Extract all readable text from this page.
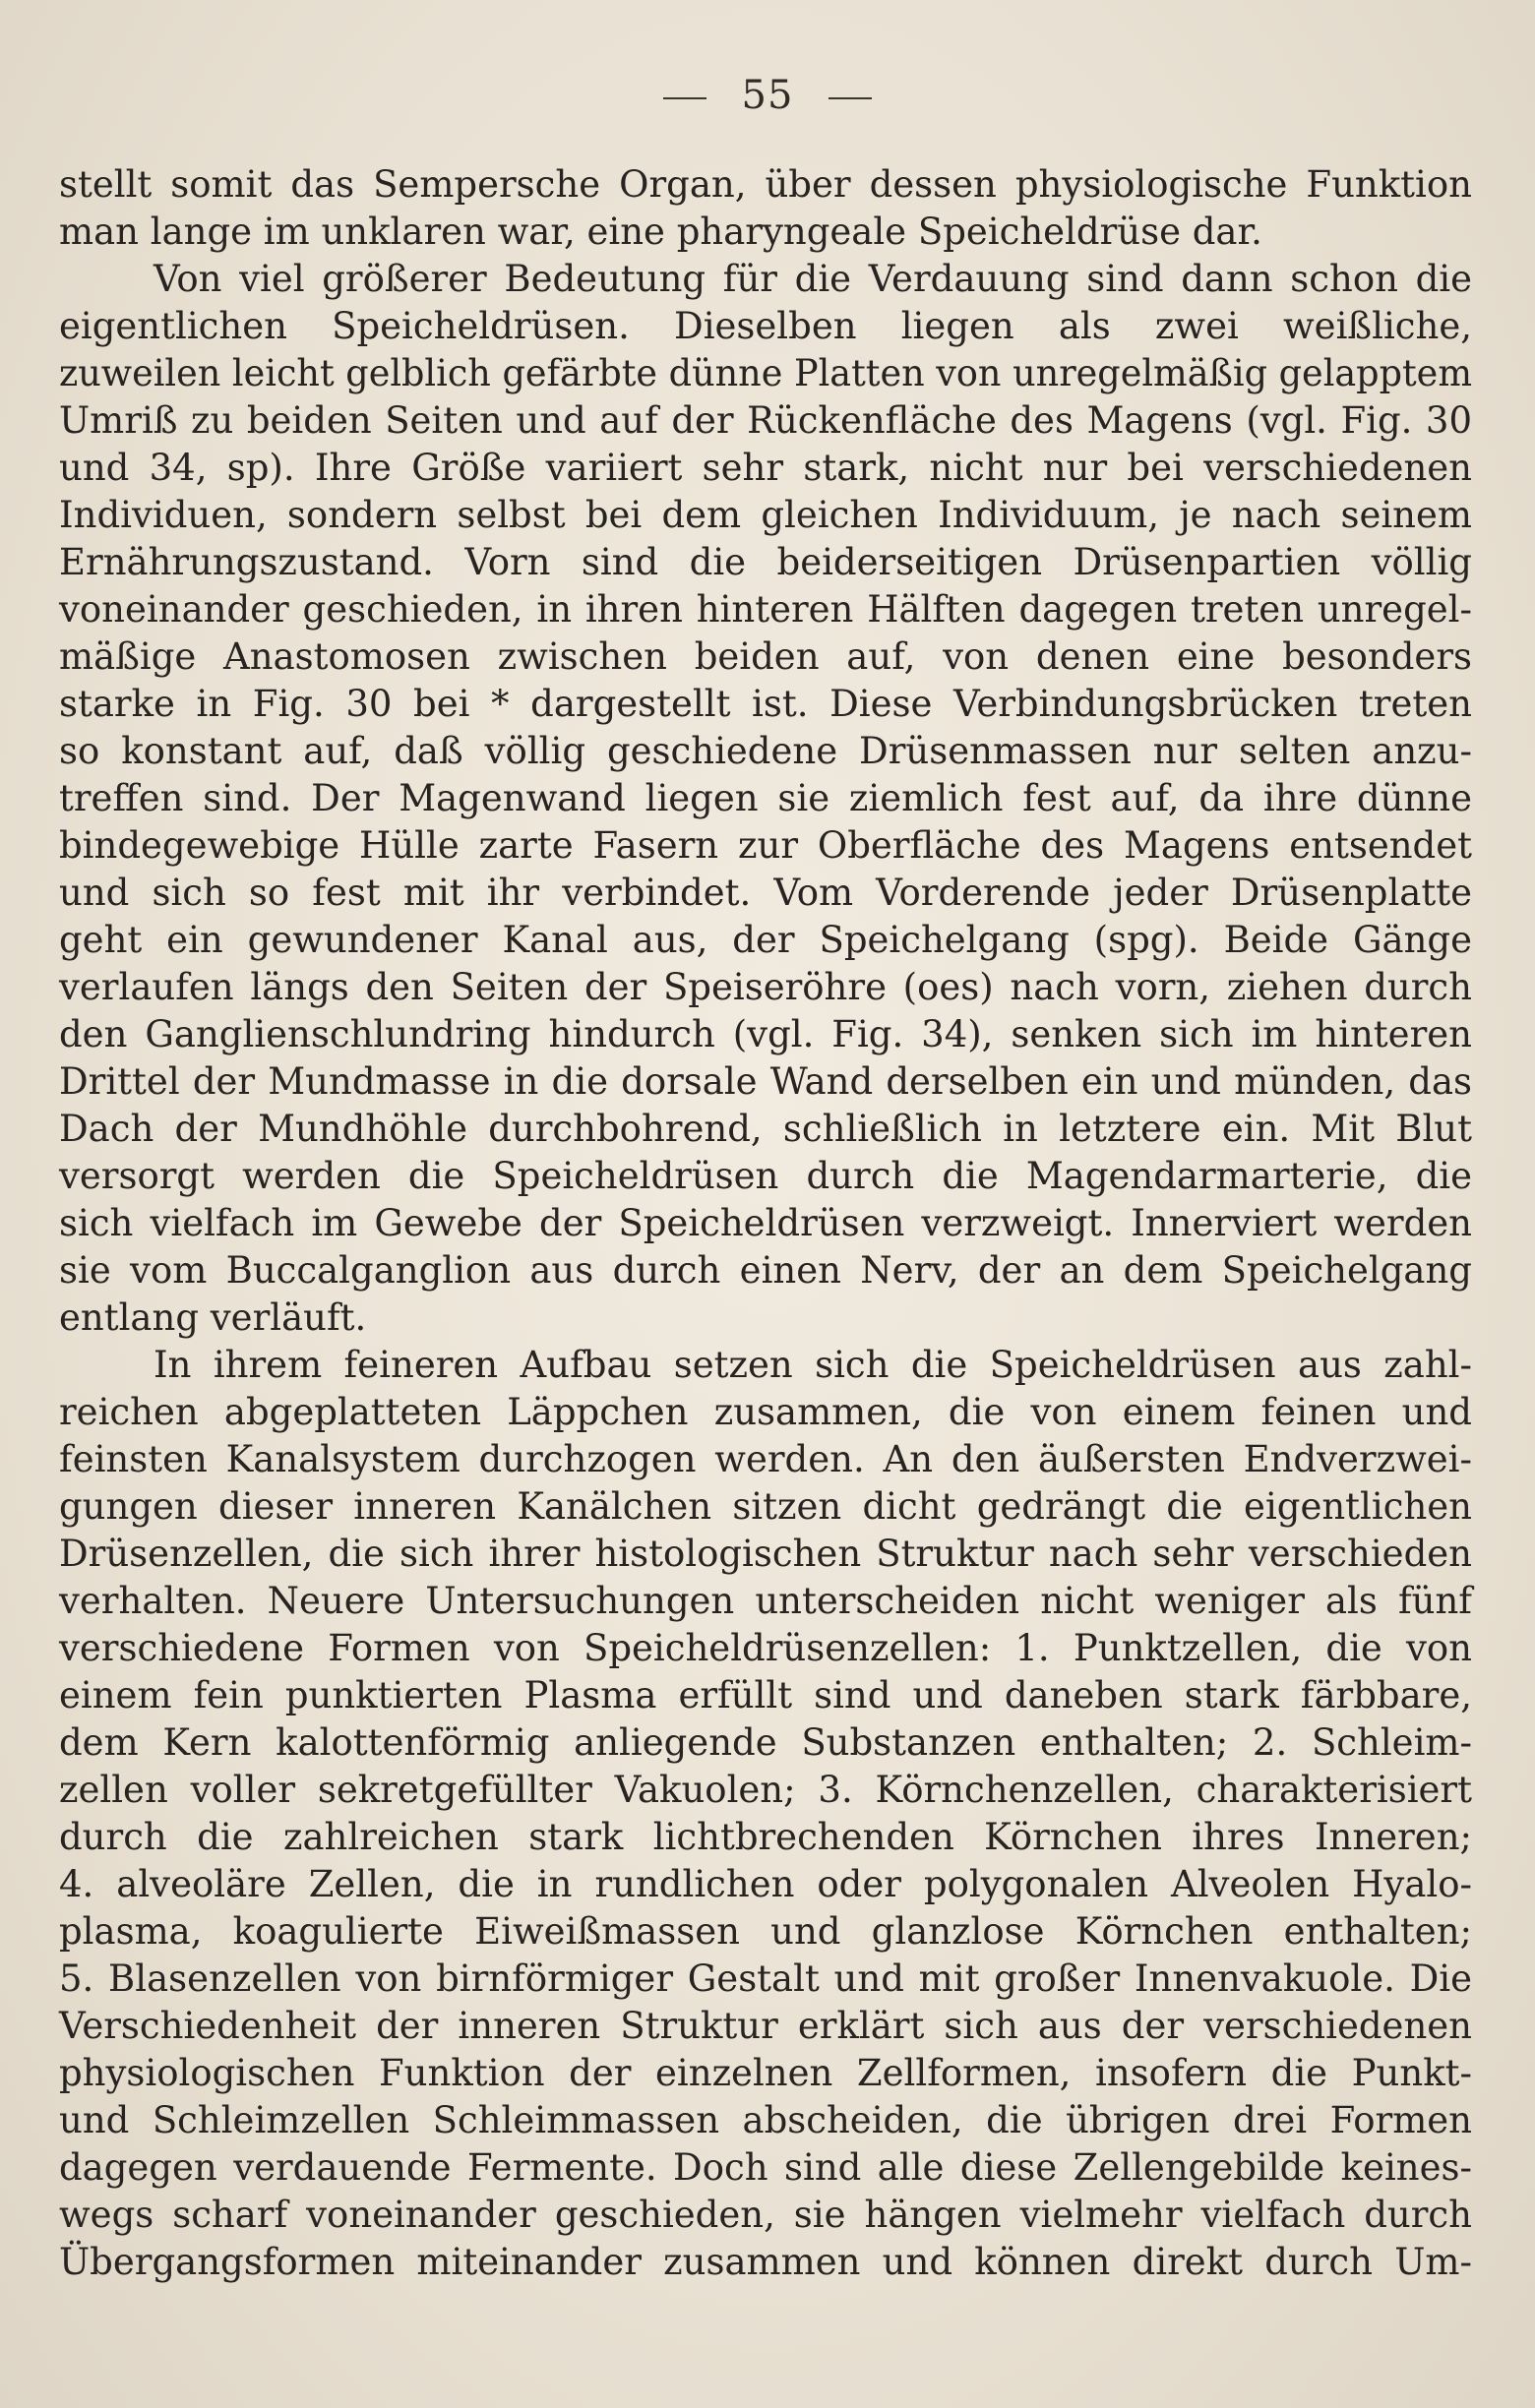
55
stellt somit das Sempersche Organ, über dessen physiologische Funktion
man lange im unklaren war, eine pharyngeale Speicheldrüse dar.
Von viel größerer Bedeutung für die Verdauung sind dann schon die
eigentlichen Speicheldrüsen. Dieselben liegen als zwei weißliche,
zuweilen leicht gelblich gefärbte dünne Platten von unregelmäßig gelapptem
Umriß zu beiden Seiten und auf der Rückenfläche des Magens (vgl. Fig. 30
und 34, sp). Ihre Größe variiert sehr stark, nicht nur bei verschiedenen
Individuen, sondern selbst bei dem gleichen Individuum, je nach seinem
Ernährungszustand. Vorn sind die beiderseitigen Drüsenpartien völlig
voneinander geschieden, in ihren hinteren Hälften dagegen treten unregel-
mäßige Anastomosen zwischen beiden auf, von denen eine besonders
starke in Fig. 30 bei * dargestellt ist. Diese Verbindungsbrücken treten
so konstant auf, daß völlig geschiedene Drüsenmassen nur selten anzu-
treffen sind. Der Magenwand liegen sie ziemlich fest auf, da ihre dünne
bindegewebige Hülle zarte Fasern zur Oberfläche des Magens entsendet
und sich so fest mit ihr verbindet. Vom Vorderende jeder Drüsenplatte
geht ein gewundener Kanal aus, der Speichelgang (spg). Beide Gänge
verlaufen längs den Seiten der Speiseröhre (oes) nach vorn, ziehen durch
den Ganglienschlundring hindurch (vgl. Fig. 34), senken sich im hinteren
Drittel der Mundmasse in die dorsale Wand derselben ein und münden, das
Dach der Mundhöhle durchbohrend, schließlich in letztere ein. Mit Blut
versorgt werden die Speicheldrüsen durch die Magendarmarterie, die
sich vielfach im Gewebe der Speicheldrüsen verzweigt. Innerviert werden
sie vom Buccalganglion aus durch einen Nerv, der an dem Speichelgang
entlang verläuft.
In ihrem feineren Aufbau setzen sich die Speicheldrüsen aus zahl-
reichen abgeplatteten Läppchen zusammen, die von einem feinen und
feinsten Kanalsystem durchzogen werden. An den äußersten Endverzwei-
gungen dieser inneren Kanälchen sitzen dicht gedrängt die eigentlichen
Drüsenzellen, die sich ihrer histologischen Struktur nach sehr verschieden
verhalten. Neuere Untersuchungen unterscheiden nicht weniger als fünf
verschiedene Formen von Speicheldrüsenzellen: 1. Punktzellen, die von
einem fein punktierten Plasma erfüllt sind und daneben stark färbbare,
dem Kern kalottenförmig anliegende Substanzen enthalten; 2. Schleim-
zellen voller sekretgefüllter Vakuolen; 3. Körnchenzellen, charakterisiert
durch die zahlreichen stark lichtbrechenden Körnchen ihres Inneren;
4. alveoläre Zellen, die in rundlichen oder polygonalen Alveolen Hyalo-
plasma, koagulierte Eiweißmassen und glanzlose Körnchen enthalten;
5. Blasenzellen von birnförmiger Gestalt und mit großer Innenvakuole. Die
Verschiedenheit der inneren Struktur erklärt sich aus der verschiedenen
physiologischen Funktion der einzelnen Zellformen, insofern die Punkt-
und Schleimzellen Schleimmassen abscheiden, die übrigen drei Formen
dagegen verdauende Fermente. Doch sind alle diese Zellengebilde keines-
wegs scharf voneinander geschieden, sie hängen vielmehr vielfach durch
Übergangsformen miteinander zusammen und können direkt durch Um-
